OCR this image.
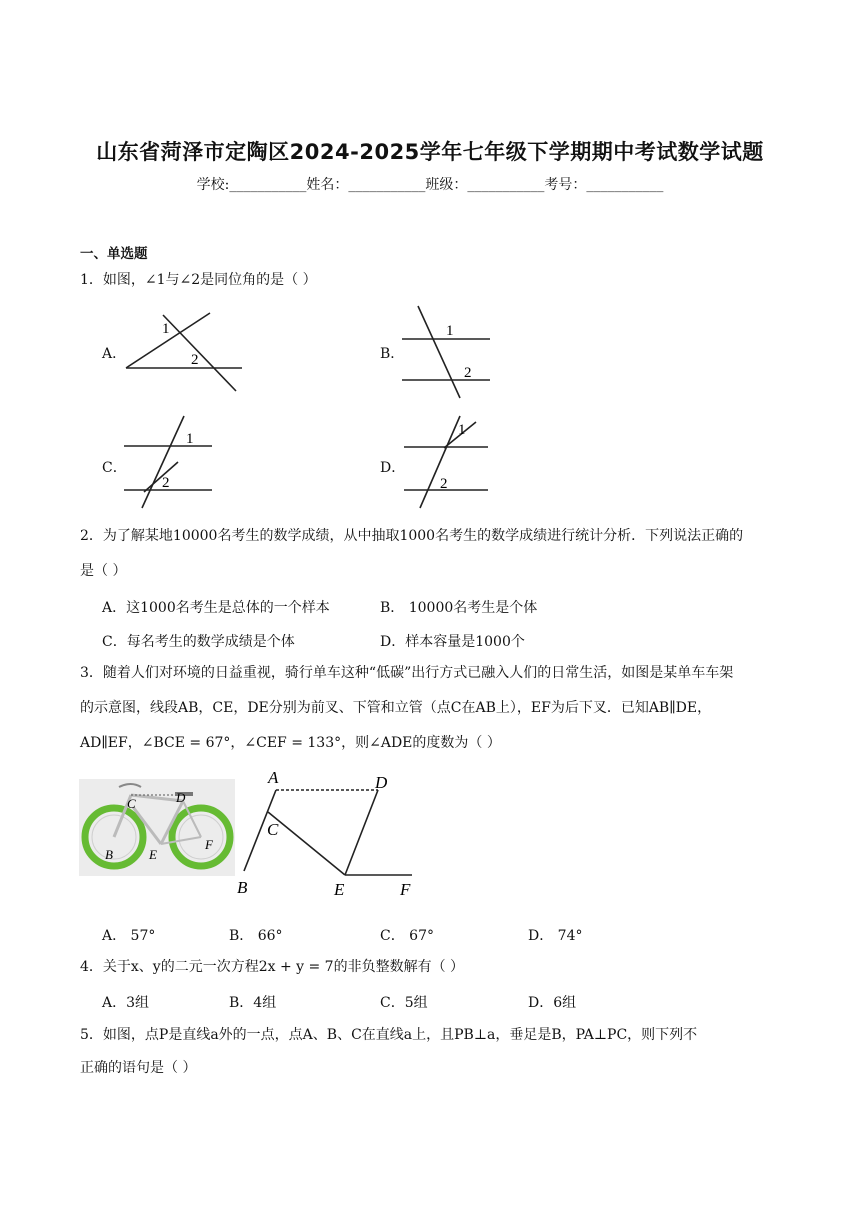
山东省菏泽市定陶区2024-2025学年七年级下学期期中考试数学试题
学校:___________姓名：___________班级：___________考号：___________
一、单选题
1．如图，∠1与∠2是同位角的是（ ）
A．
1
2	B．
1
2
C．
1
2
D．
1
2
2．为了解某地10000名考生的数学成绩，从中抽取1000名考生的数学成绩进行统计分析．下列说法正确的
是（ ）
A．这1000名考生是总体的一个样本	B． 10000名考生是个体
C．每名考生的数学成绩是个体	D．样本容量是1000个
3．随着人们对环境的日益重视，骑行单车这种“低碳”出行方式已融入人们的日常生活，如图是某单车车架
的示意图，线段AB，CE，DE分别为前叉、下管和立管（点C在AB上），EF为后下叉．已知AB∥DE，
AD∥EF，∠BCE = 67°，∠CEF = 133°，则∠ADE的度数为（ ）
C	D
B	E
F
A	D
C
B	E	F
A． 57°	B． 66°	C． 67°	D． 74°
4．关于x、y的二元一次方程2x + y = 7的非负整数解有（ ）
A．3组	B．4组	C．5组	D．6组
5．如图，点P是直线a外的一点，点A、B、C在直线a上，且PB⊥a，垂足是B，PA⊥PC，则下列不
正确的语句是（ ）
